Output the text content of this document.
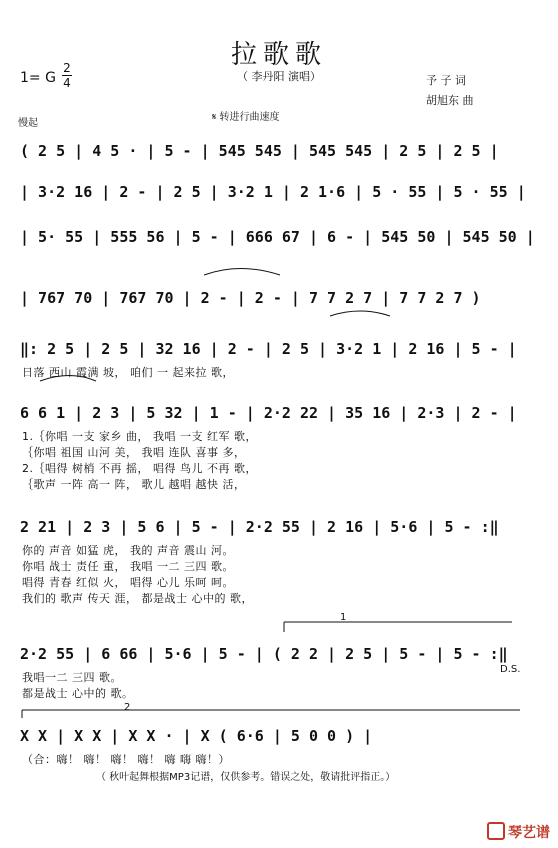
拉歌歌
（ 李丹阳 演唱）
1= G
2
4	予 子 词
胡旭东 曲
慢起
𝄋 转进行曲速度
( 2 5 | 4 5 · | 5 - | 545 545 | 545 545 | 2 5 | 2 5 |
| 3·2 16 | 2 - | 2 5 | 3·2 1 | 2 1·6 | 5 · 55 | 5 · 55 |
| 5· 55 | 555 56 | 5 - | 666 67 | 6 - | 545 50 | 545 50 |
| 767 70 | 767 70 | 2 - | 2 - | 7 7 2 7 | 7 7 2 7 )
‖: 2 5 | 2 5 | 32 16 | 2 - | 2 5 | 3·2 1 | 2 16 | 5 - |
日落 西山 霞满 坡， 咱们 一 起来拉 歌，
6 6 1 | 2 3 | 5 32 | 1 - | 2·2 22 | 35 16 | 2·3 | 2 - |
1.｛你唱 一支 家乡 曲， 我唱 一支 红军 歌，
｛你唱 祖国 山河 美， 我唱 连队 喜事 多，
2.｛唱得 树梢 不再 摇， 唱得 鸟儿 不再 歌，
｛歌声 一阵 高一 阵， 歌儿 越唱 越快 活，
2 21 | 2 3 | 5 6 | 5 - | 2·2 55 | 2 16 | 5·6 | 5 - :‖
你的 声音 如猛 虎， 我的 声音 震山 河。
你唱 战士 责任 重， 我唱 一二 三四 歌。
唱得 青春 红似 火， 唱得 心儿 乐呵 呵。
我们的 歌声 传天 涯， 都是战士 心中的 歌，
2·2 55 | 6 66 | 5·6 | 5 - | ( 2 2 | 2 5 | 5 - | 5 - :‖
我唱一二 三四 歌。
都是战士 心中的 歌。
X X | X X | X X · | X ( 6·6 | 5 0 0 ) |
（合：嗨！ 嗨！ 嗨！ 嗨！ 嗨 嗨 嗨！）
1
2
D.S.
（ 秋叶起舞根据MP3记谱，仅供参考。错误之处，敬请批评指正。）
琴艺谱
